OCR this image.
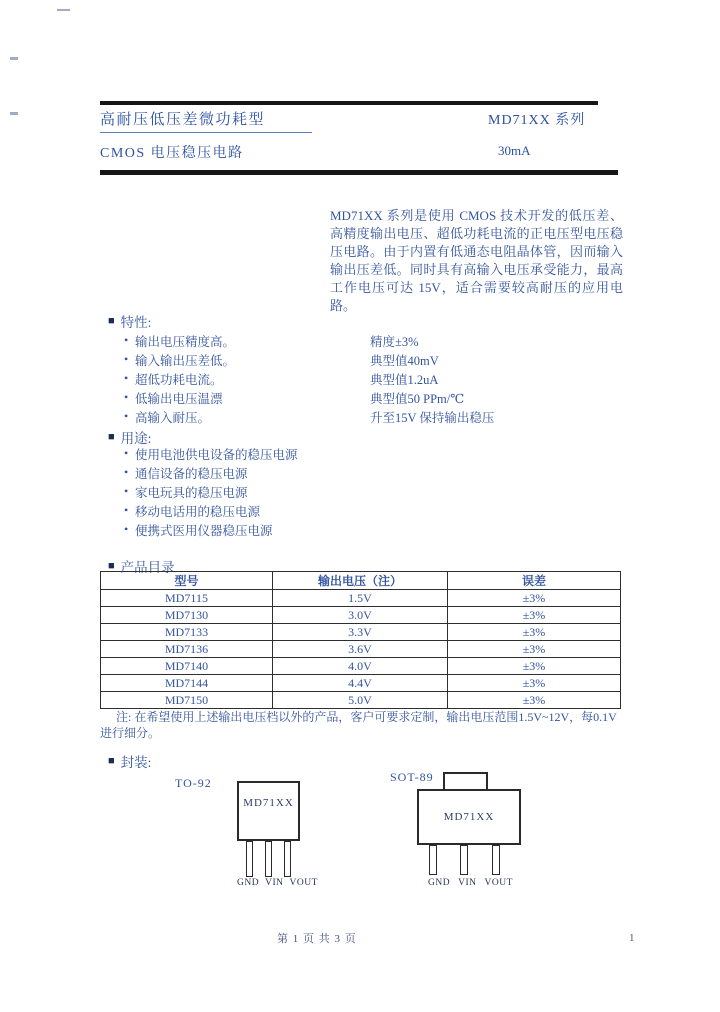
高耐压低压差微功耗型	MD71XX 系列
CMOS 电压稳压电路	30mA
MD71XX 系列是使用 CMOS 技术开发的低压差、高精度输出电压、超低功耗电流的正电压型电压稳压电路。由于内置有低通态电阻晶体管，因而输入输出压差低。同时具有高输入电压承受能力，最高工作电压可达 15V，适合需要较高耐压的应用电路。
■ 特性:
• 输出电压精度高。	精度±3%
• 输入输出压差低。	典型值40mV
• 超低功耗电流。	典型值1.2uA
• 低输出电压温漂	典型值50 PPm/℃
• 高输入耐压。	升至15V 保持输出稳压
■ 用途:
• 使用电池供电设备的稳压电源
• 通信设备的稳压电源
• 家电玩具的稳压电源
• 移动电话用的稳压电源
• 便携式医用仪器稳压电源
■ 产品目录
型号	输出电压（注）	误差
MD7115	1.5V	±3%
MD7130	3.0V	±3%
MD7133	3.3V	±3%
MD7136	3.6V	±3%
MD7140	4.0V	±3%
MD7144	4.4V	±3%
MD7150	5.0V	±3%
注: 在希望使用上述输出电压档以外的产品，客户可要求定制，输出电压范围1.5V~12V，每0.1V 进行细分。
■ 封装:
TO-92
MD71XX
GND VIN VOUT
SOT-89
MD71XX
GND VIN VOUT
第 1 页 共 3 页	1
